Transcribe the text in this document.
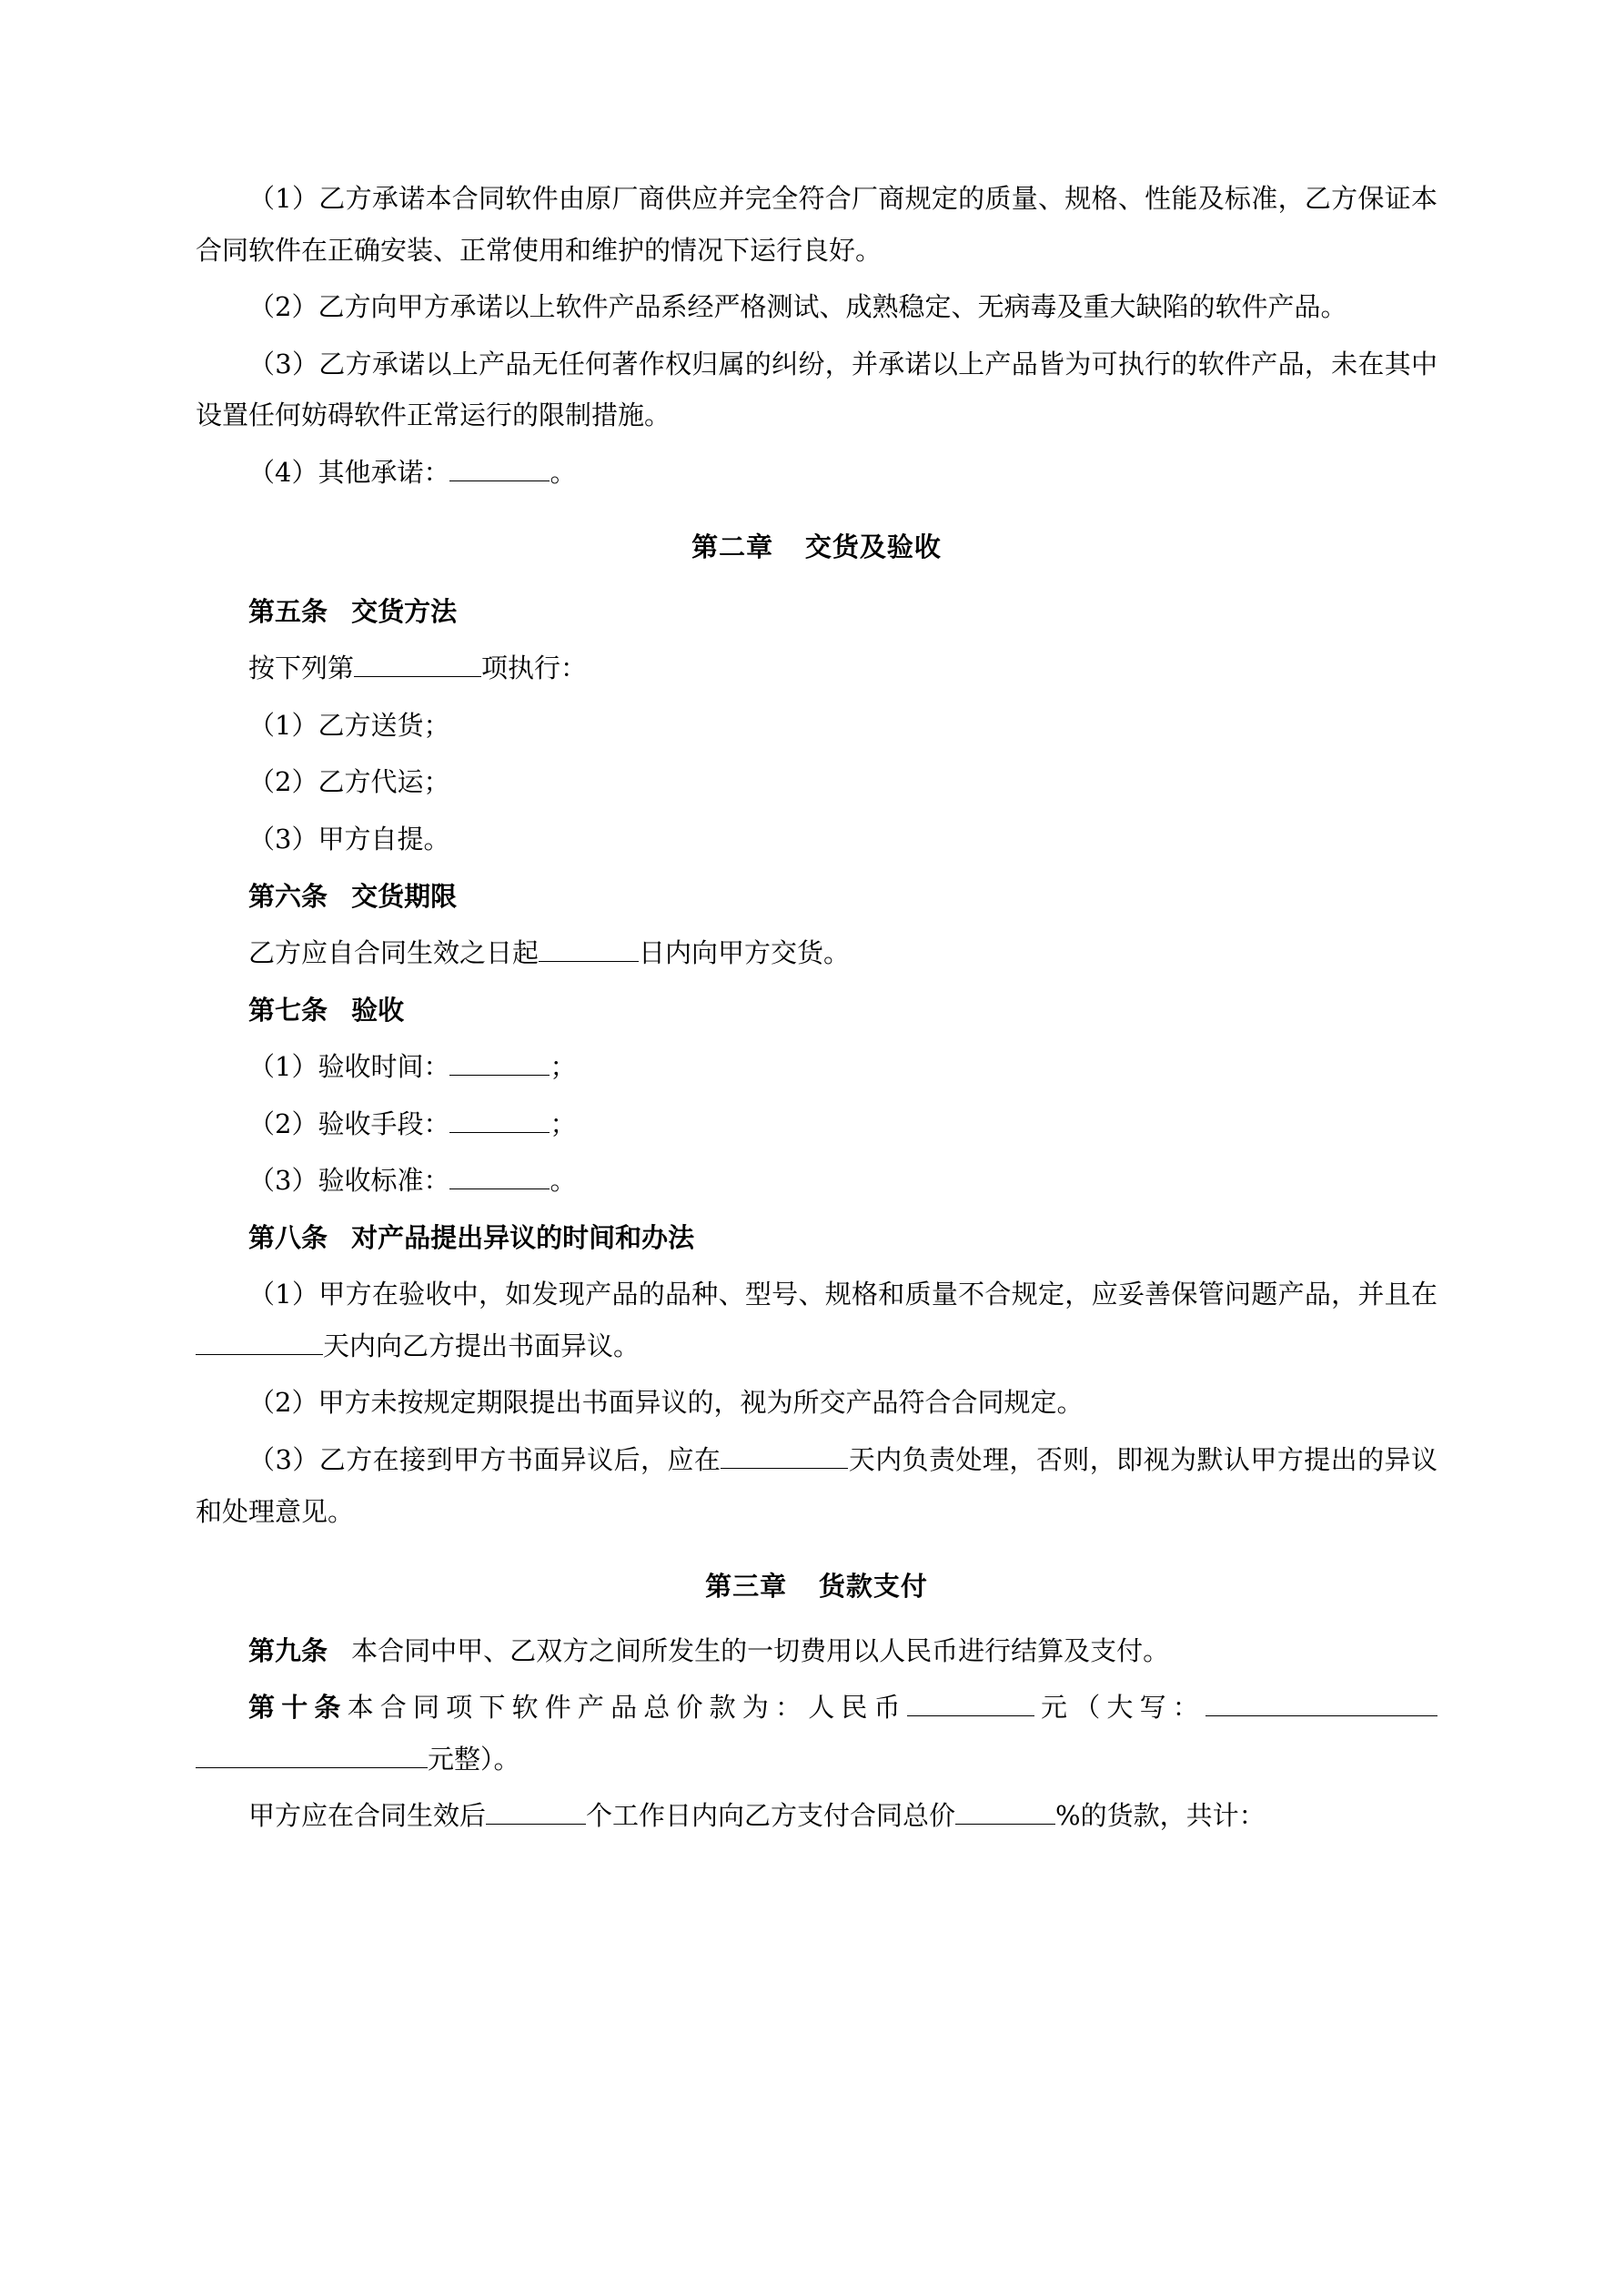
（1）乙方承诺本合同软件由原厂商供应并完全符合厂商规定的质量、规格、性能及标准，乙方保证本合同软件在正确安装、正常使用和维护的情况下运行良好。

（2）乙方向甲方承诺以上软件产品系经严格测试、成熟稳定、无病毒及重大缺陷的软件产品。

（3）乙方承诺以上产品无任何著作权归属的纠纷，并承诺以上产品皆为可执行的软件产品，未在其中设置任何妨碍软件正常运行的限制措施。

（4）其他承诺：	。

第二章 交货及验收

第五条 交货方法

按下列第	项执行：

（1）乙方送货；

（2）乙方代运；

（3）甲方自提。

第六条 交货期限

乙方应自合同生效之日起	日内向甲方交货。

第七条 验收

（1）验收时间：	；

（2）验收手段：	；

（3）验收标准：	。

第八条 对产品提出异议的时间和办法

（1）甲方在验收中，如发现产品的品种、型号、规格和质量不合规定，应妥善保管问题产品，并且在天内向乙方提出书面异议。

（2）甲方未按规定期限提出书面异议的，视为所交产品符合合同规定。

（3）乙方在接到甲方书面异议后，应在	天内负责处理，否则，即视为默认甲方提出的异议和处理意见。

第三章 货款支付

第九条 本合同中甲、乙双方之间所发生的一切费用以人民币进行结算及支付。

第十条本合同项下软件产品总价款为：人民币	元（大写：元整）。

甲方应在合同生效后	个工作日内向乙方支付合同总价	%的货款，共计：
